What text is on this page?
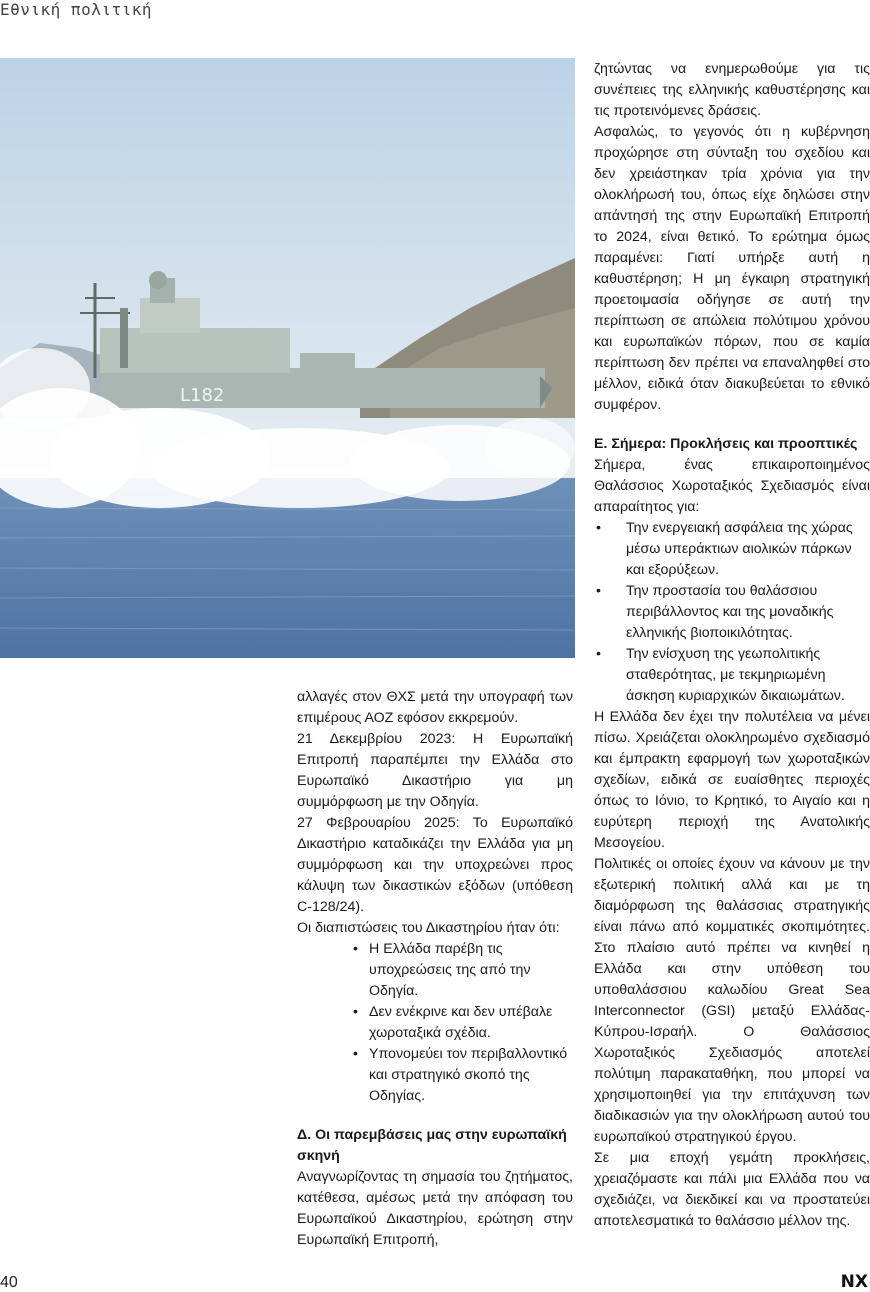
Εθνική πολιτική
L182

αλλαγές στον ΘΧΣ μετά την υπογραφή των επιμέρους ΑΟΖ εφόσον εκκρεμούν.

21 Δεκεμβρίου 2023: Η Ευρωπαϊκή Επιτροπή παραπέμπει την Ελλάδα στο Ευρωπαϊκό Δικαστήριο για μη συμμόρφωση με την Οδηγία.

27 Φεβρουαρίου 2025: Το Ευρωπαϊκό Δικαστήριο καταδικάζει την Ελλάδα για μη συμμόρφωση και την υποχρεώνει προς κάλυψη των δικαστικών εξόδων (υπόθεση C-128/24).

Οι διαπιστώσεις του Δικαστηρίου ήταν ότι:

• Η Ελλάδα παρέβη τις υποχρεώσεις της από την Οδηγία.
• Δεν ενέκρινε και δεν υπέβαλε χωροταξικά σχέδια.
• Υπονομεύει τον περιβαλλοντικό και στρατηγικό σκοπό της Οδηγίας.

Δ. Οι παρεμβάσεις μας στην ευρωπαϊκή σκηνή

Αναγνωρίζοντας τη σημασία του ζητήματος, κατέθεσα, αμέσως μετά την απόφαση του Ευρωπαϊκού Δικαστηρίου, ερώτηση στην Ευρωπαϊκή Επιτροπή,

ζητώντας να ενημερωθούμε για τις συνέπειες της ελληνικής καθυστέρησης και τις προτεινόμενες δράσεις.

Ασφαλώς, το γεγονός ότι η κυβέρνηση προχώρησε στη σύνταξη του σχεδίου και δεν χρειάστηκαν τρία χρόνια για την ολοκλήρωσή του, όπως είχε δηλώσει στην απάντησή της στην Ευρωπαϊκή Επιτροπή το 2024, είναι θετικό. Το ερώτημα όμως παραμένει: Γιατί υπήρξε αυτή η καθυστέρηση; Η μη έγκαιρη στρατηγική προετοιμασία οδήγησε σε αυτή την περίπτωση σε απώλεια πολύτιμου χρόνου και ευρωπαϊκών πόρων, που σε καμία περίπτωση δεν πρέπει να επαναληφθεί στο μέλλον, ειδικά όταν διακυβεύεται το εθνικό συμφέρον.

Ε. Σήμερα: Προκλήσεις και προοπτικές

Σήμερα, ένας επικαιροποιημένος Θαλάσσιος Χωροταξικός Σχεδιασμός είναι απαραίτητος για:

• Την ενεργειακή ασφάλεια της χώρας μέσω υπεράκτιων αιολικών πάρκων και εξορύξεων.
• Την προστασία του θαλάσσιου περιβάλλοντος και της μοναδικής ελληνικής βιοποικιλότητας.
• Την ενίσχυση της γεωπολιτικής σταθερότητας, με τεκμηριωμένη άσκηση κυριαρχικών δικαιωμάτων.

Η Ελλάδα δεν έχει την πολυτέλεια να μένει πίσω. Χρειάζεται ολοκληρωμένο σχεδιασμό και έμπρακτη εφαρμογή των χωροταξικών σχεδίων, ειδικά σε ευαίσθητες περιοχές όπως το Ιόνιο, το Κρητικό, το Αιγαίο και η ευρύτερη περιοχή της Ανατολικής Μεσογείου.

Πολιτικές οι οποίες έχουν να κάνουν με την εξωτερική πολιτική αλλά και με τη διαμόρφωση της θαλάσσιας στρατηγικής είναι πάνω από κομματικές σκοπιμότητες. Στο πλαίσιο αυτό πρέπει να κινηθεί η Ελλάδα και στην υπόθεση του υποθαλάσσιου καλωδίου Great Sea Interconnector (GSI) μεταξύ Ελλάδας-Κύπρου-Ισραήλ. Ο Θαλάσσιος Χωροταξικός Σχεδιασμός αποτελεί πολύτιμη παρακαταθήκη, που μπορεί να χρησιμοποιηθεί για την επιτάχυνση των διαδικασιών για την ολοκλήρωση αυτού του ευρωπαϊκού στρατηγικού έργου.

Σε μια εποχή γεμάτη προκλήσεις, χρειαζόμαστε και πάλι μια Ελλάδα που να σχεδιάζει, να διεκδικεί και να προστατεύει αποτελεσματικά το θαλάσσιο μέλλον της.

40	NX
